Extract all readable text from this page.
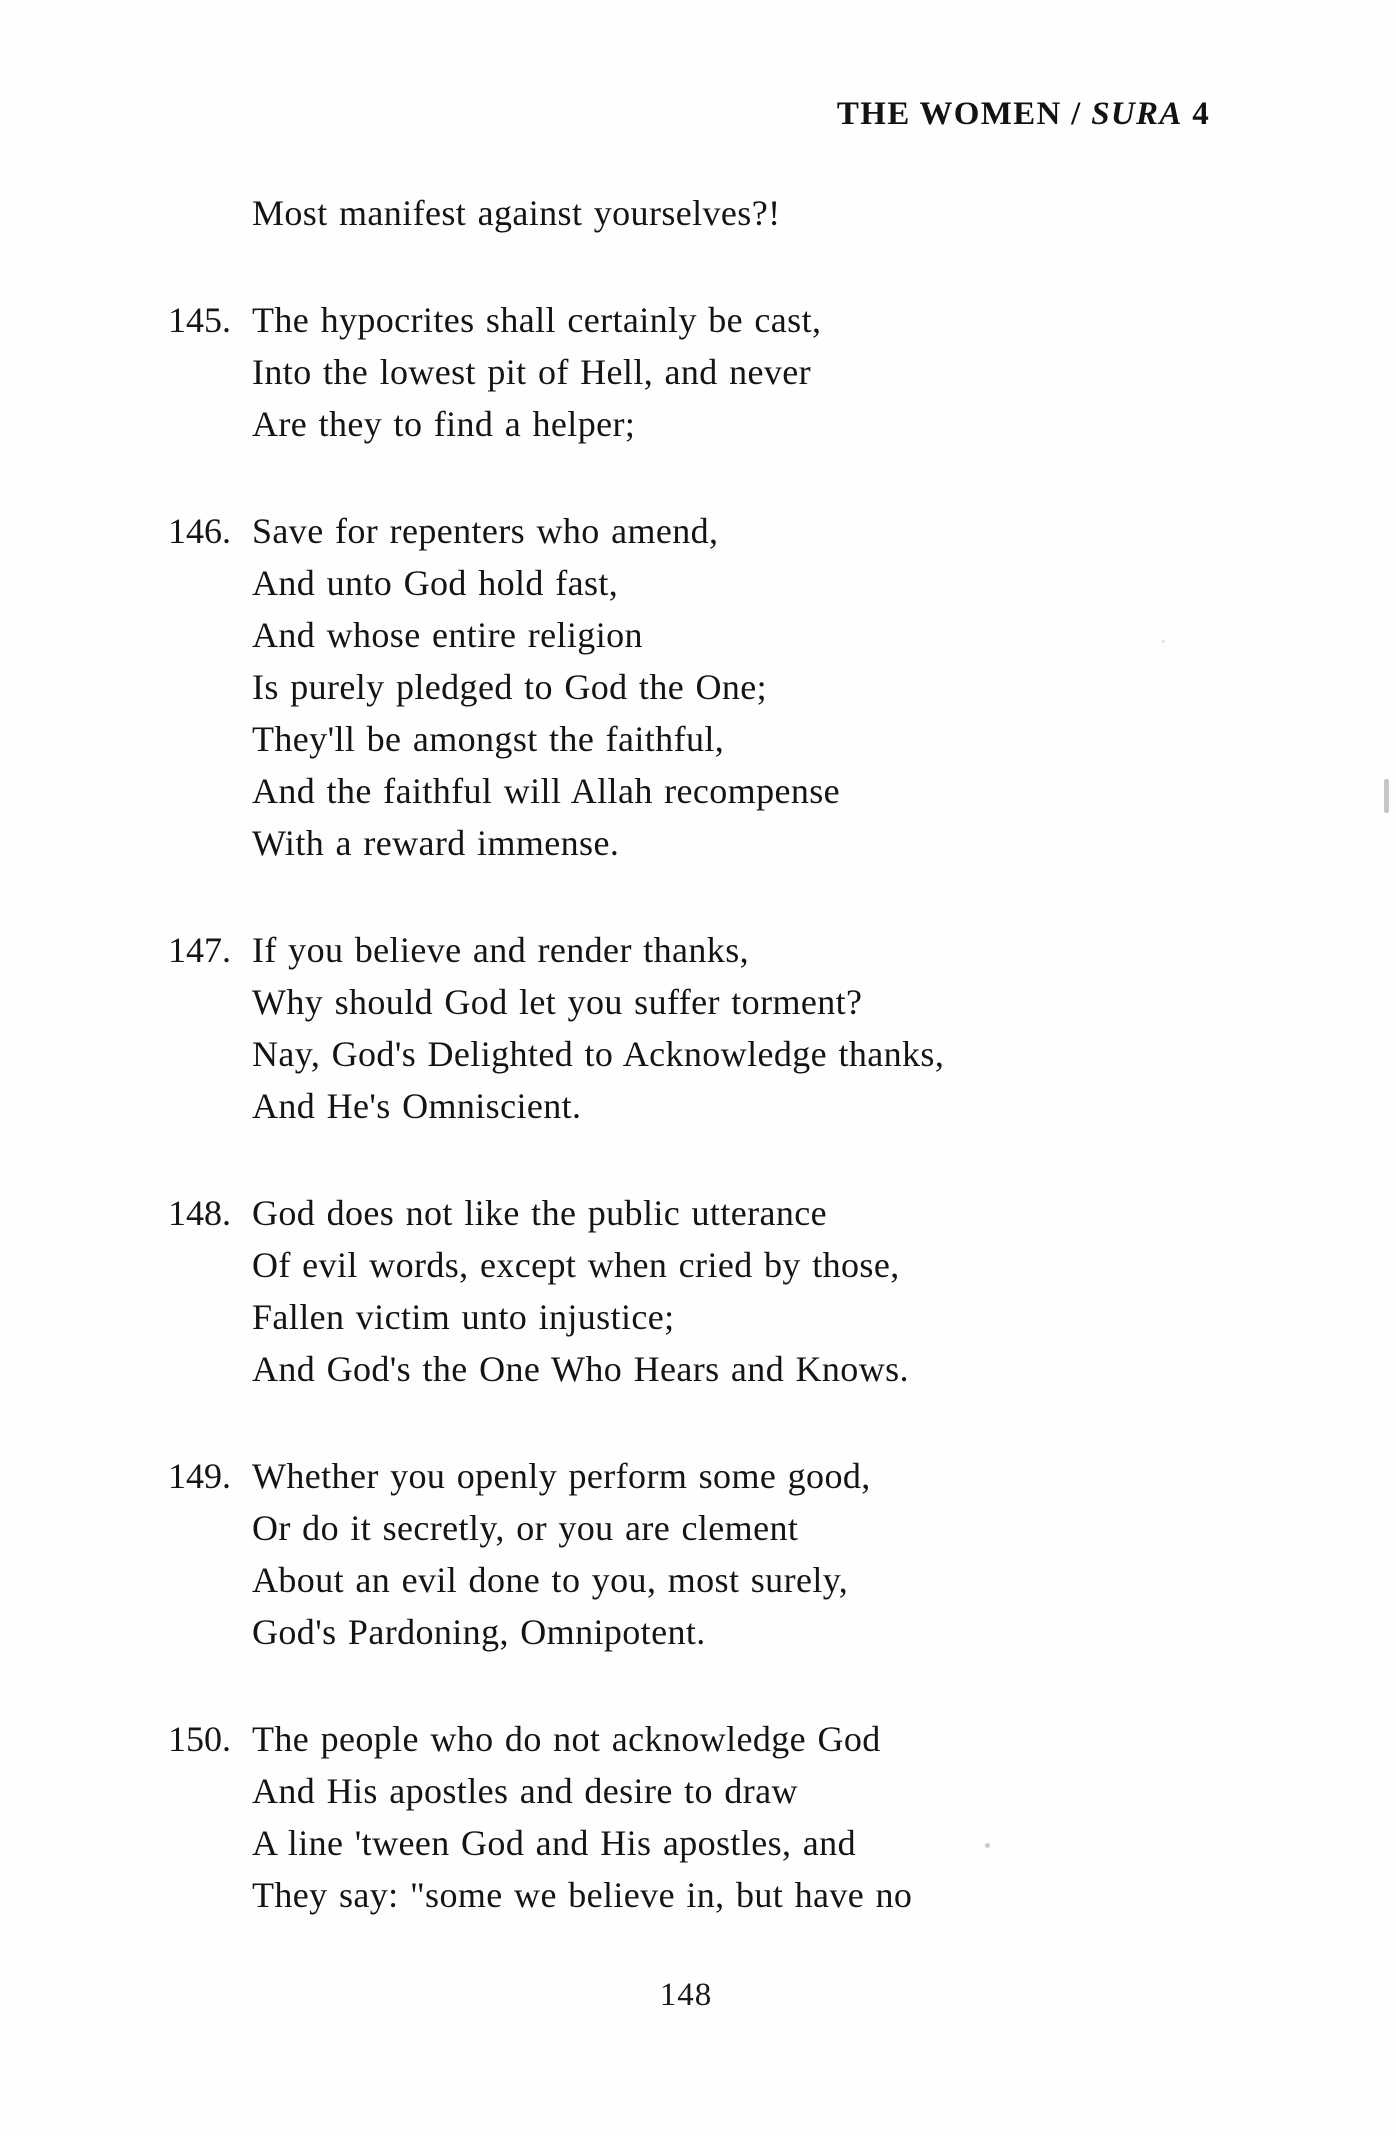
THE WOMEN / SURA 4
Most manifest against yourselves?!
145. The hypocrites shall certainly be cast,
Into the lowest pit of Hell, and never
Are they to find a helper;
146. Save for repenters who amend,
And unto God hold fast,
And whose entire religion
Is purely pledged to God the One;
They'll be amongst the faithful,
And the faithful will Allah recompense
With a reward immense.
147. If you believe and render thanks,
Why should God let you suffer torment?
Nay, God's Delighted to Acknowledge thanks,
And He's Omniscient.
148. God does not like the public utterance
Of evil words, except when cried by those,
Fallen victim unto injustice;
And God's the One Who Hears and Knows.
149. Whether you openly perform some good,
Or do it secretly, or you are clement
About an evil done to you, most surely,
God's Pardoning, Omnipotent.
150. The people who do not acknowledge God
And His apostles and desire to draw
A line 'tween God and His apostles, and
They say: "some we believe in, but have no
148
